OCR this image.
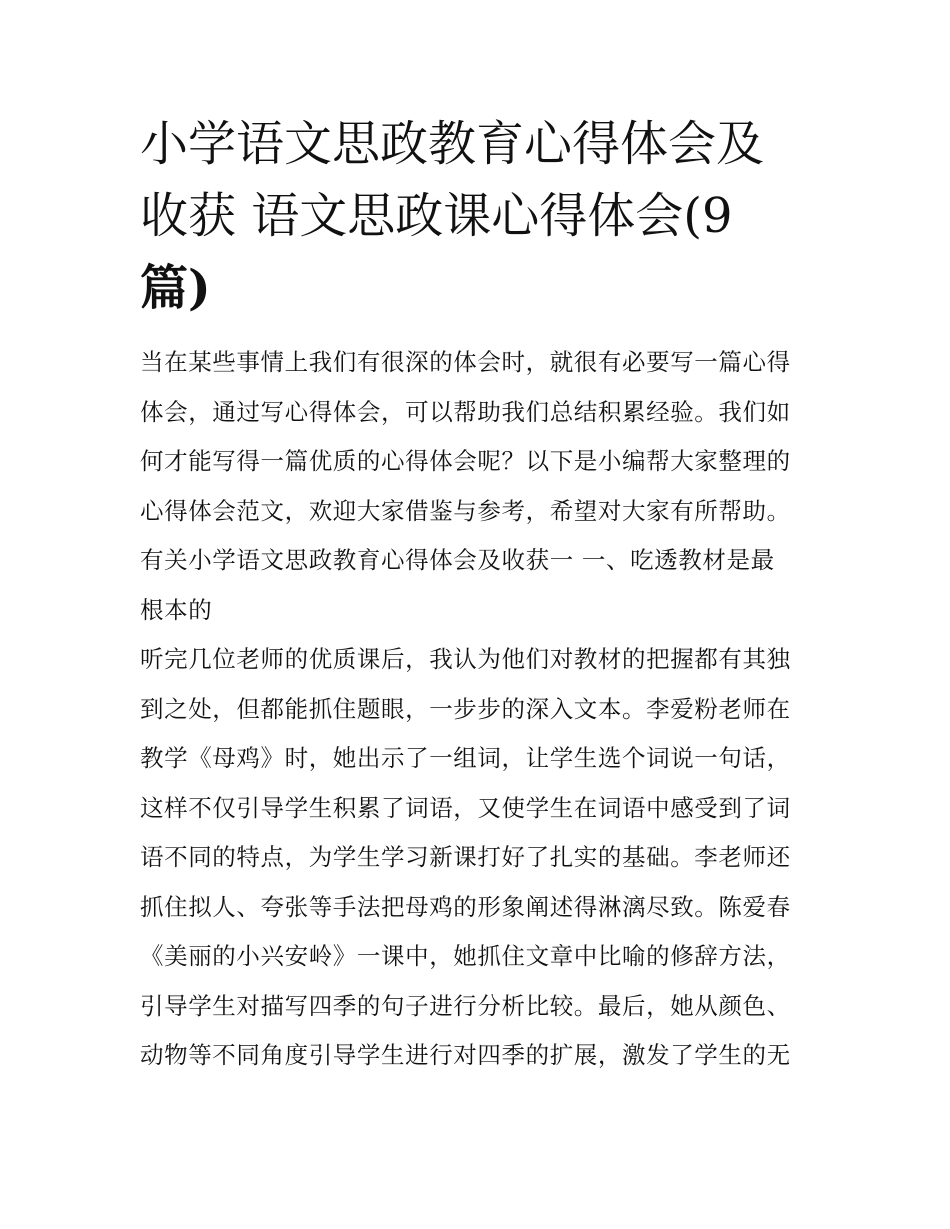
小学语文思政教育心得体会及
收获 语文思政课心得体会(9
篇)

当在某些事情上我们有很深的体会时，就很有必要写一篇心得
体会，通过写心得体会，可以帮助我们总结积累经验。我们如
何才能写得一篇优质的心得体会呢？以下是小编帮大家整理的
心得体会范文，欢迎大家借鉴与参考，希望对大家有所帮助。

有关小学语文思政教育心得体会及收获一 一、吃透教材是最
根本的

听完几位老师的优质课后，我认为他们对教材的把握都有其独
到之处，但都能抓住题眼，一步步的深入文本。李爱粉老师在
教学《母鸡》时，她出示了一组词，让学生选个词说一句话，
这样不仅引导学生积累了词语，又使学生在词语中感受到了词
语不同的特点，为学生学习新课打好了扎实的基础。李老师还
抓住拟人、夸张等手法把母鸡的形象阐述得淋漓尽致。陈爱春
《美丽的小兴安岭》一课中，她抓住文章中比喻的修辞方法，
引导学生对描写四季的句子进行分析比较。最后，她从颜色、
动物等不同角度引导学生进行对四季的扩展，激发了学生的无
